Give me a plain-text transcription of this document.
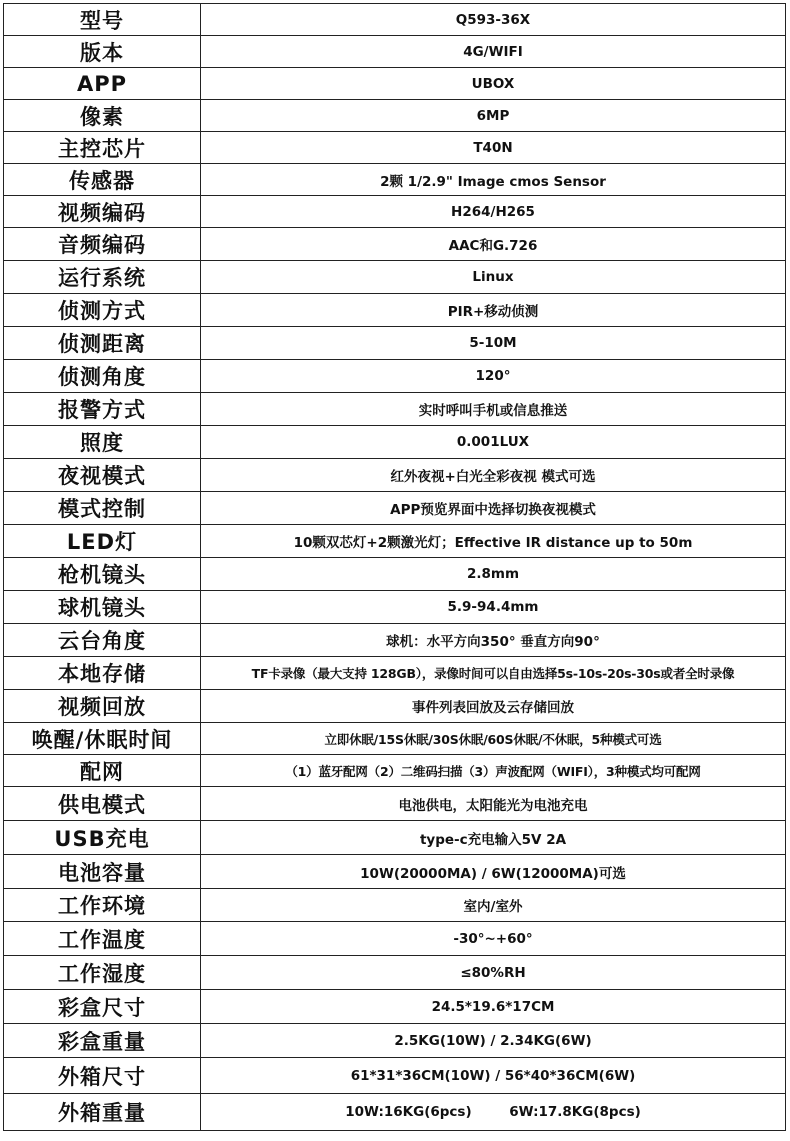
型号	Q593-36X
版本	4G/WIFI
APP	UBOX
像素	6MP
主控芯片	T40N
传感器	2颗 1/2.9" Image cmos Sensor
视频编码	H264/H265
音频编码	AAC和G.726
运行系统	Linux
侦测方式	PIR+移动侦测
侦测距离	5-10M
侦测角度	120°
报警方式	实时呼叫手机或信息推送
照度	0.001LUX
夜视模式	红外夜视+白光全彩夜视 模式可选
模式控制	APP预览界面中选择切换夜视模式
LED灯	10颗双芯灯+2颗激光灯；Effective IR distance up to 50m
枪机镜头	2.8mm
球机镜头	5.9-94.4mm
云台角度	球机：水平方向350° 垂直方向90°
本地存储	TF卡录像（最大支持 128GB），录像时间可以自由选择5s-10s-20s-30s或者全时录像
视频回放	事件列表回放及云存储回放
唤醒/休眠时间	立即休眠/15S休眠/30S休眠/60S休眠/不休眠，5种模式可选
配网	（1）蓝牙配网（2）二维码扫描（3）声波配网（WIFI），3种模式均可配网
供电模式	电池供电，太阳能光为电池充电
USB充电	type-c充电输入5V 2A
电池容量	10W(20000MA) / 6W(12000MA)可选
工作环境	室内/室外
工作温度	-30°~+60°
工作湿度	≤80%RH
彩盒尺寸	24.5*19.6*17CM
彩盒重量	2.5KG(10W) / 2.34KG(6W)
外箱尺寸	61*31*36CM(10W) / 56*40*36CM(6W)
外箱重量	10W:16KG(6pcs)        6W:17.8KG(8pcs)
